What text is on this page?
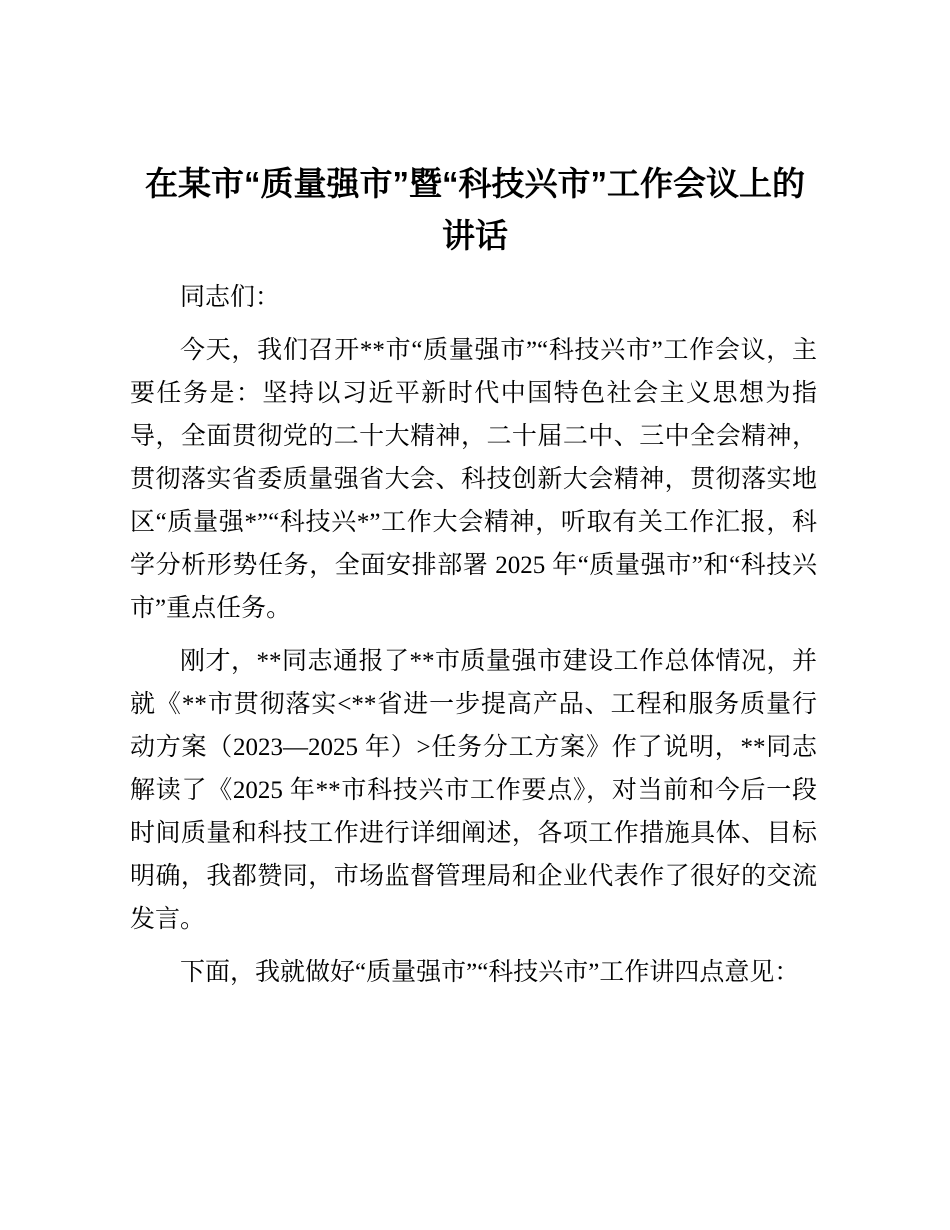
在某市“质量强市”暨“科技兴市”工作会议上的讲话

同志们：

今天，我们召开**市“质量强市”“科技兴市”工作会议，主要任务是：坚持以习近平新时代中国特色社会主义思想为指导，全面贯彻党的二十大精神，二十届二中、三中全会精神，贯彻落实省委质量强省大会、科技创新大会精神，贯彻落实地区“质量强*”“科技兴*”工作大会精神，听取有关工作汇报，科学分析形势任务，全面安排部署 2025 年“质量强市”和“科技兴市”重点任务。

刚才，**同志通报了**市质量强市建设工作总体情况，并就《**市贯彻落实<**省进一步提高产品、工程和服务质量行动方案（2023—2025 年）>任务分工方案》作了说明，**同志解读了《2025 年**市科技兴市工作要点》，对当前和今后一段时间质量和科技工作进行详细阐述，各项工作措施具体、目标明确，我都赞同，市场监督管理局和企业代表作了很好的交流发言。

下面，我就做好“质量强市”“科技兴市”工作讲四点意见：
